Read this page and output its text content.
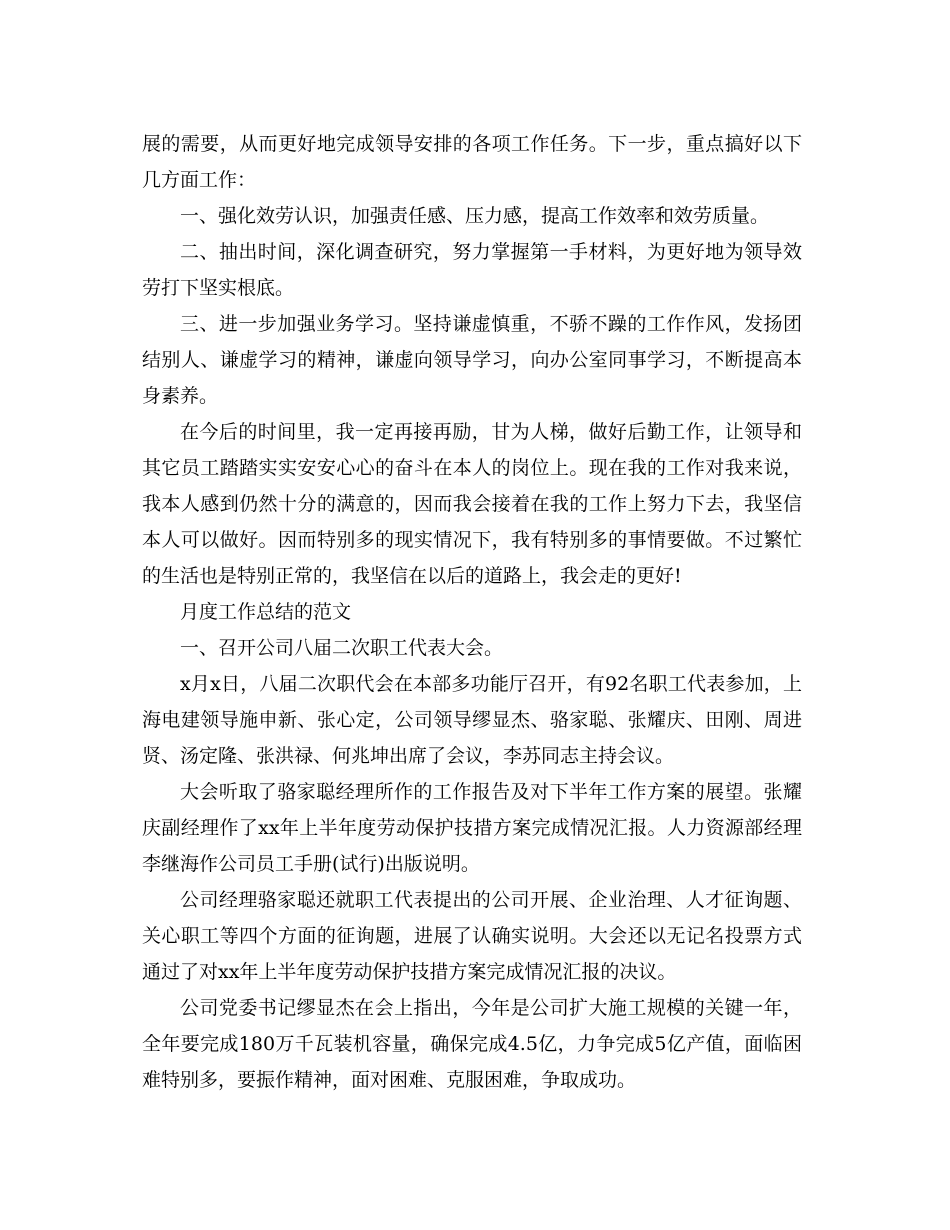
展的需要，从而更好地完成领导安排的各项工作任务。下一步，重点搞好以下几方面工作：

一、强化效劳认识，加强责任感、压力感，提高工作效率和效劳质量。

二、抽出时间，深化调查研究，努力掌握第一手材料，为更好地为领导效劳打下坚实根底。

三、进一步加强业务学习。坚持谦虚慎重，不骄不躁的工作作风，发扬团结别人、谦虚学习的精神，谦虚向领导学习，向办公室同事学习，不断提高本身素养。

在今后的时间里，我一定再接再励，甘为人梯，做好后勤工作，让领导和其它员工踏踏实实安安心心的奋斗在本人的岗位上。现在我的工作对我来说，我本人感到仍然十分的满意的，因而我会接着在我的工作上努力下去，我坚信本人可以做好。因而特别多的现实情况下，我有特别多的事情要做。不过繁忙的生活也是特别正常的，我坚信在以后的道路上，我会走的更好!

月度工作总结的范文

一、召开公司八届二次职工代表大会。

x月x日，八届二次职代会在本部多功能厅召开，有92名职工代表参加，上海电建领导施申新、张心定，公司领导缪显杰、骆家聪、张耀庆、田刚、周进贤、汤定隆、张洪禄、何兆坤出席了会议，李苏同志主持会议。

大会听取了骆家聪经理所作的工作报告及对下半年工作方案的展望。张耀庆副经理作了xx年上半年度劳动保护技措方案完成情况汇报。人力资源部经理李继海作公司员工手册(试行)出版说明。

公司经理骆家聪还就职工代表提出的公司开展、企业治理、人才征询题、关心职工等四个方面的征询题，进展了认确实说明。大会还以无记名投票方式通过了对xx年上半年度劳动保护技措方案完成情况汇报的决议。

公司党委书记缪显杰在会上指出，今年是公司扩大施工规模的关键一年，全年要完成180万千瓦装机容量，确保完成4.5亿，力争完成5亿产值，面临困难特别多，要振作精神，面对困难、克服困难，争取成功。
